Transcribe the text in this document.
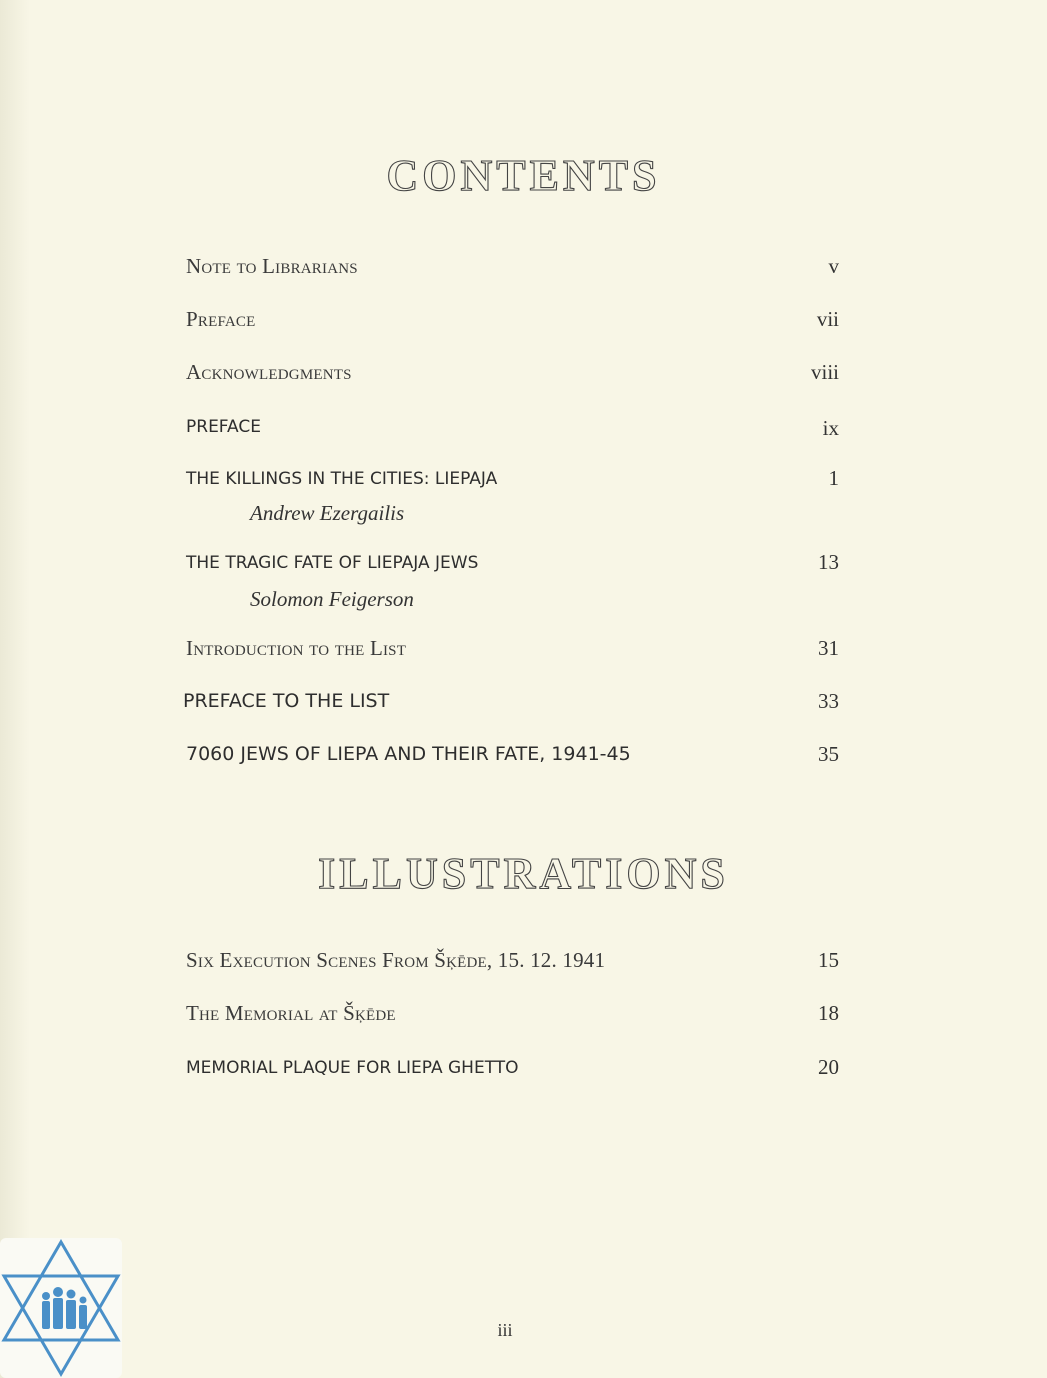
CONTENTS
Note to Librarians	v
Preface	vii
Acknowledgments	viii
PREFACE	ix
THE KILLINGS IN THE CITIES: LIEPAJA	1
Andrew Ezergailis
THE TRAGIC FATE OF LIEPAJA JEWS	13
Solomon Feigerson
Introduction to the List	31
PREFACE TO THE LIST	33
7060 JEWS OF LIEPA AND THEIR FATE, 1941-45	35
ILLUSTRATIONS
Six Execution Scenes From Šķēde, 15. 12. 1941	15
The Memorial at Šķēde	18
MEMORIAL PLAQUE FOR LIEPA GHETTO	20
iii
